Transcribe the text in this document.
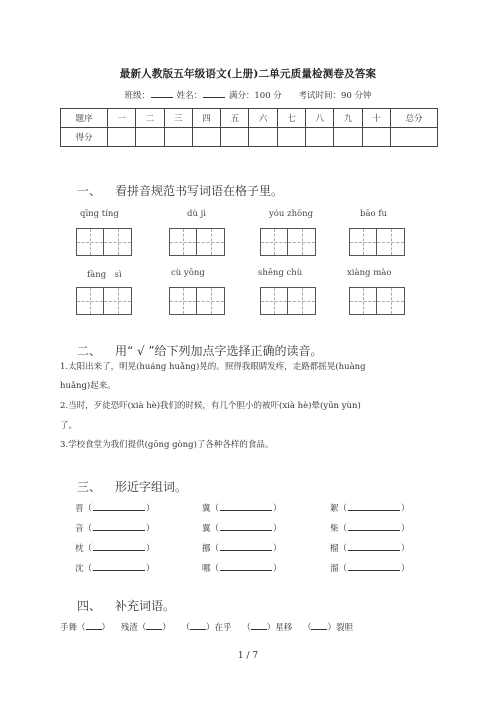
最新人教版五年级语文(上册)二单元质量检测卷及答案
班级：	姓名：	满分：100 分 考试时间：90 分钟
题序	一	二	三	四	五	六	七	八	九	十	总分
得分											
一、 看拼音规范书写词语在格子里。
qīng tíng	dù jì	yóu zhōng	bāo fu
fàng　sì	cù yōng	shēng chù	xiàng mào
二、 用“ √ ”给下列加点字选择正确的读音。
1.太阳出来了，明晃(huáng huǎng)晃的。照得我眼睛发疼，走路都摇晃(huàng
huǎng)起来。
2.当时，歹徒恐吓(xià hè)我们的时候，有几个胆小的被吓(xià hè)晕(yūn yùn)
了。
3.学校食堂为我们提供(gōng gòng)了各种各样的食品。
三、 形近字组词。
晋（	）	冀（	）	絮（	）
音（	）	翼（	）	柴（	）
枕（	）	挪（	）	榴（	）
沈（	）	哪（	）	溜（	）
四、 补充词语。
手舞（ ） 残渣（ ） （ ）在乎 （ ）星移 （ ）裂胆
1 / 7
